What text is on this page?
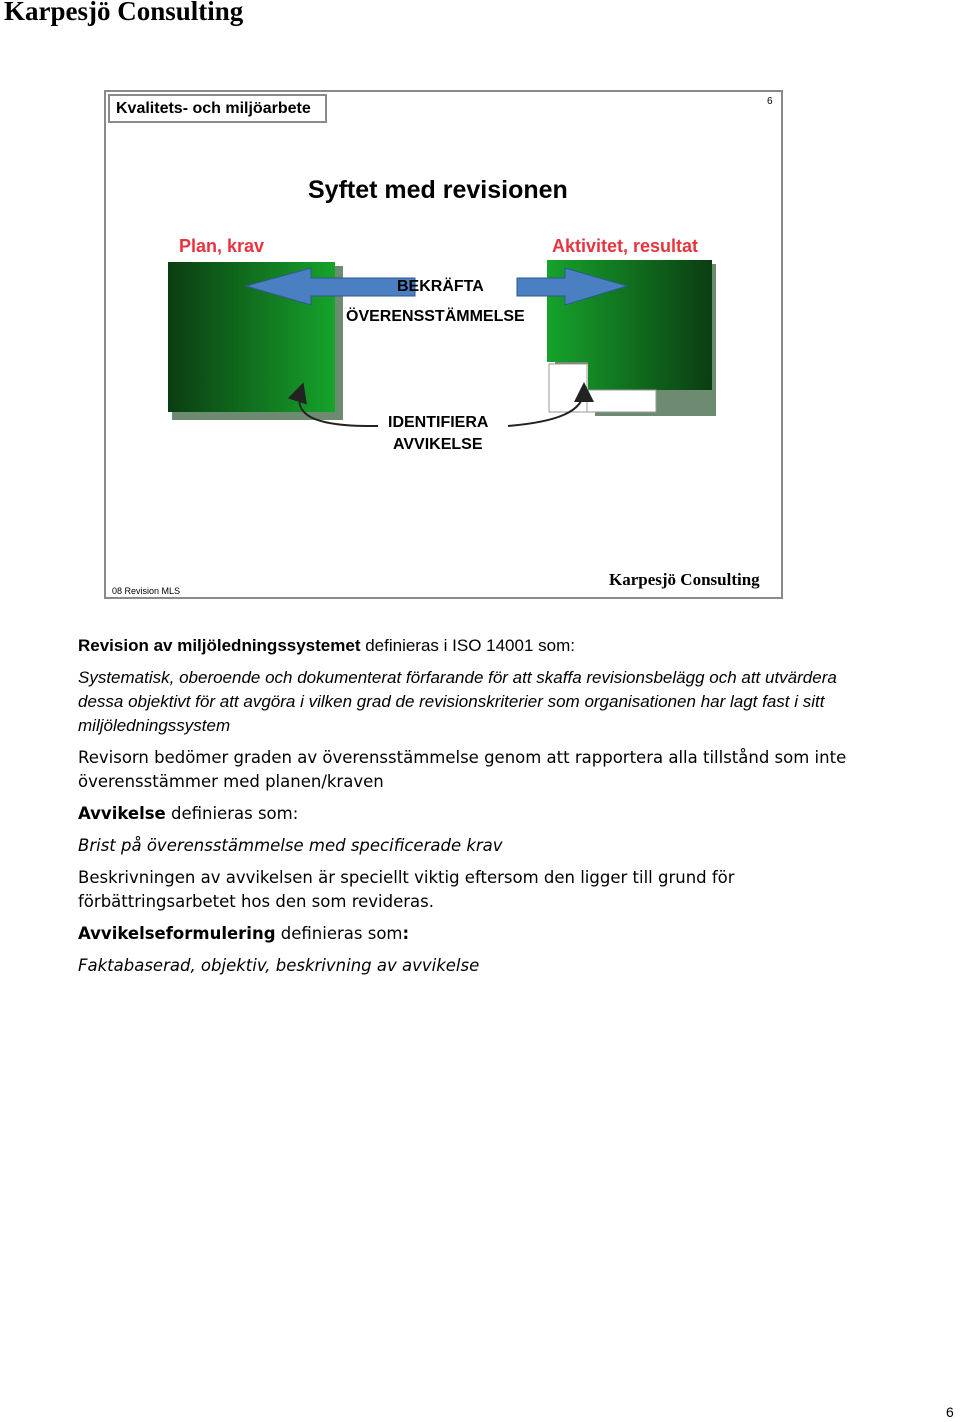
Karpesjö Consulting
Kvalitets- och miljöarbete	6
Syftet med revisionen
Plan, krav	Aktivitet, resultat
BEKRÄFTA
ÖVERENSSTÄMMELSE
IDENTIFIERA
AVVIKELSE
08 Revision MLS
Karpesjö Consulting

Revision av miljöledningssystemet definieras i ISO 14001 som:

Systematisk, oberoende och dokumenterat förfarande för att skaffa revisionsbelägg och att utvärdera dessa objektivt för att avgöra i vilken grad de revisionskriterier som organisationen har lagt fast i sitt miljöledningssystem

Revisorn bedömer graden av överensstämmelse genom att rapportera alla tillstånd som inte överensstämmer med planen/kraven

Avvikelse definieras som:

Brist på överensstämmelse med specificerade krav

Beskrivningen av avvikelsen är speciellt viktig eftersom den ligger till grund för förbättringsarbetet hos den som revideras.

Avvikelseformulering definieras som:

Faktabaserad, objektiv, beskrivning av avvikelse

6
